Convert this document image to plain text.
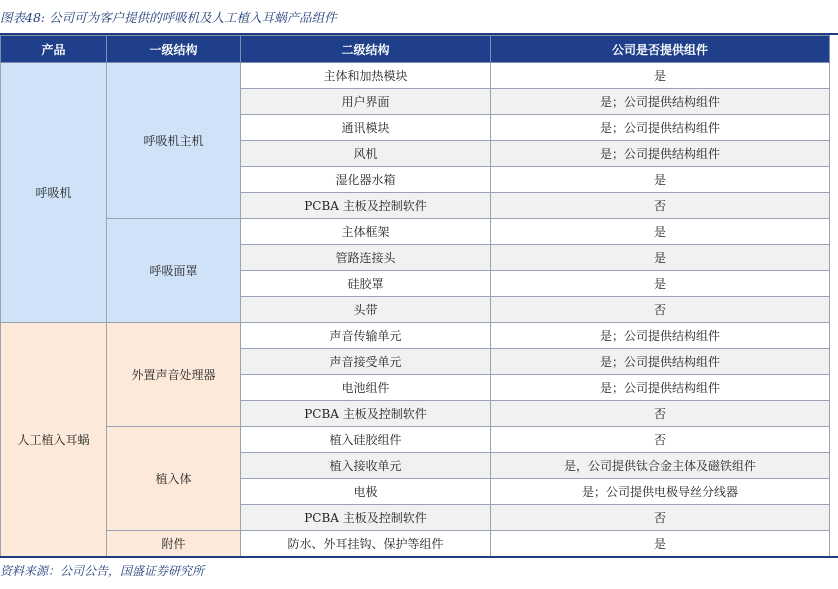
图表48: 公司可为客户提供的呼吸机及人工植入耳蜗产品组件
产品	一级结构	二级结构	公司是否提供组件
呼吸机	呼吸机主机	主体和加热模块	是
		用户界面	是；公司提供结构组件
		通讯模块	是；公司提供结构组件
		风机	是；公司提供结构组件
		湿化器水箱	是
		PCBA 主板及控制软件	否
	呼吸面罩	主体框架	是
		管路连接头	是
		硅胶罩	是
		头带	否
人工植入耳蜗	外置声音处理器	声音传输单元	是；公司提供结构组件
		声音接受单元	是；公司提供结构组件
		电池组件	是；公司提供结构组件
		PCBA 主板及控制软件	否
	植入体	植入硅胶组件	否
		植入接收单元	是，公司提供钛合金主体及磁铁组件
		电极	是；公司提供电极导丝分线器
		PCBA 主板及控制软件	否
	附件	防水、外耳挂钩、保护等组件	是
资料来源：公司公告，国盛证券研究所
